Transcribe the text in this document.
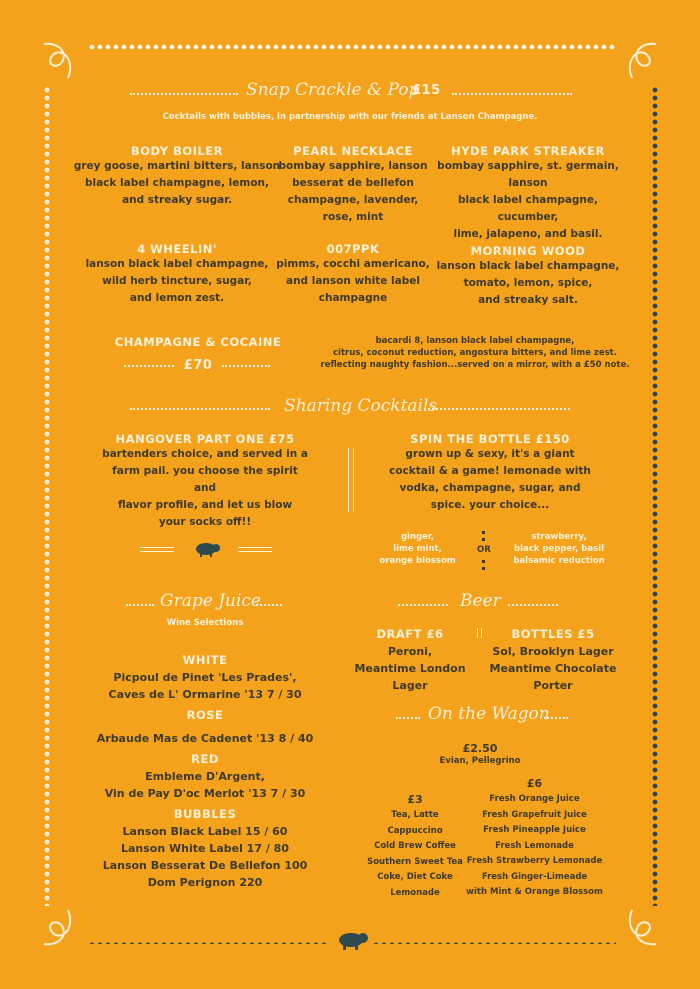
Snap Crackle & Pop
£15
Cocktails with bubbles, in partnership with our friends at Lanson Champagne.
BODY BOILER
grey goose, martini bitters, lanson
black label champagne, lemon,
and streaky sugar.
PEARL NECKLACE
bombay sapphire, lanson
besserat de bellefon
champagne, lavender,
rose, mint
HYDE PARK STREAKER
bombay sapphire, st. germain, lanson
black label champagne, cucumber,
lime, jalapeno, and basil.
4 WHEELIN'
lanson black label champagne,
wild herb tincture, sugar,
and lemon zest.
007PPK
pimms, cocchi americano,
and lanson white label
champagne
MORNING WOOD
lanson black label champagne,
tomato, lemon, spice,
and streaky salt.
CHAMPAGNE & COCAINE
£70
bacardi 8, lanson black label champagne,
citrus, coconut reduction, angostura bitters, and lime zest.
reflecting naughty fashion...served on a mirror, with a £50 note.
Sharing Cocktails
HANGOVER PART ONE £75
bartenders choice, and served in a
farm pail. you choose the spirit and
flavor profile, and let us blow
your socks off!!
SPIN THE BOTTLE £150
grown up & sexy, it's a giant
cocktail & a game! lemonade with
vodka, champagne, sugar, and
spice. your choice...
ginger,
lime mint,
orange blossom
OR
strawberry,
black pepper, basil
balsamic reduction
Grape Juice
Wine Selections
WHITE
Picpoul de Pinet 'Les Prades',
Caves de L' Ormarine '13 7 / 30
ROSE
Arbaude Mas de Cadenet '13 8 / 40
RED
Embleme D'Argent,
Vin de Pay D'oc Merlot '13 7 / 30
BUBBLES
Lanson Black Label 15 / 60
Lanson White Label 17 / 80
Lanson Besserat De Bellefon 100
Dom Perignon 220
Beer
DRAFT £6
Peroni,
Meantime London Lager
BOTTLES £5
Sol, Brooklyn Lager
Meantime Chocolate Porter
On the Wagon
£2.50
Evian, Pellegrino
£3
Tea, Latte
Cappuccino
Cold Brew Coffee
Southern Sweet Tea
Coke, Diet Coke
Lemonade
£6
Fresh Orange Juice
Fresh Grapefruit Juice
Fresh Pineapple Juice
Fresh Lemonade
Fresh Strawberry Lemonade
Fresh Ginger-Limeade
with Mint & Orange Blossom
